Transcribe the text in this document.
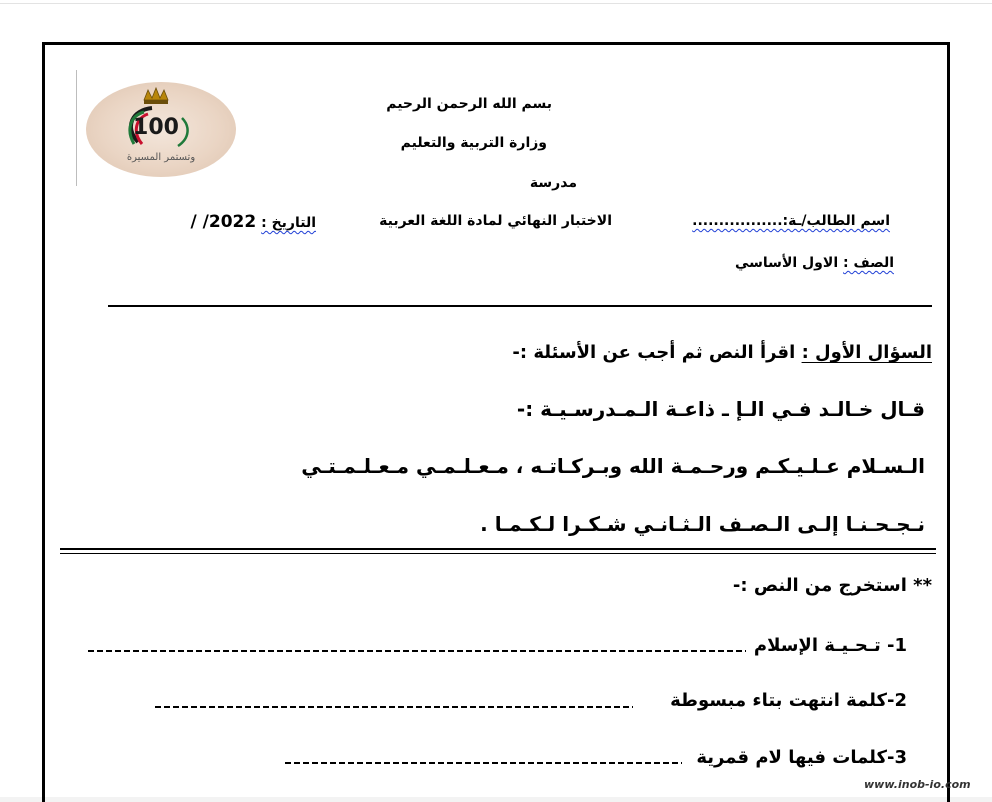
100
وتستمر المسيرة
بسم الله الرحمن الرحيم
وزارة التربية والتعليم
مدرسة
اسم الطالب/ـة:.................
الاختبار النهائي لمادة اللغة العربية
التاريخ : 2022/ /
الصف : الاول الأساسي
السؤال الأول : اقرأ النص ثم أجب عن الأسئلة :-
قـال خـالـد فـي الـإ ـ ذاعـة الـمـدرسـيـة :-
الـسـلام عـلـيـكـم ورحـمـة الله وبـركـاتـه ، مـعـلـمـي مـعـلـمـتـي
نـجـحـنـا إلـى الـصـف الـثـانـي شـكـرا لـكـمـا .
** استخرج من النص :-
1- تـحـيـة الإسلام
2-كلمة انتهت بتاء مبسوطة
3-كلمات فيها لام قمرية
www.inob-io.com
